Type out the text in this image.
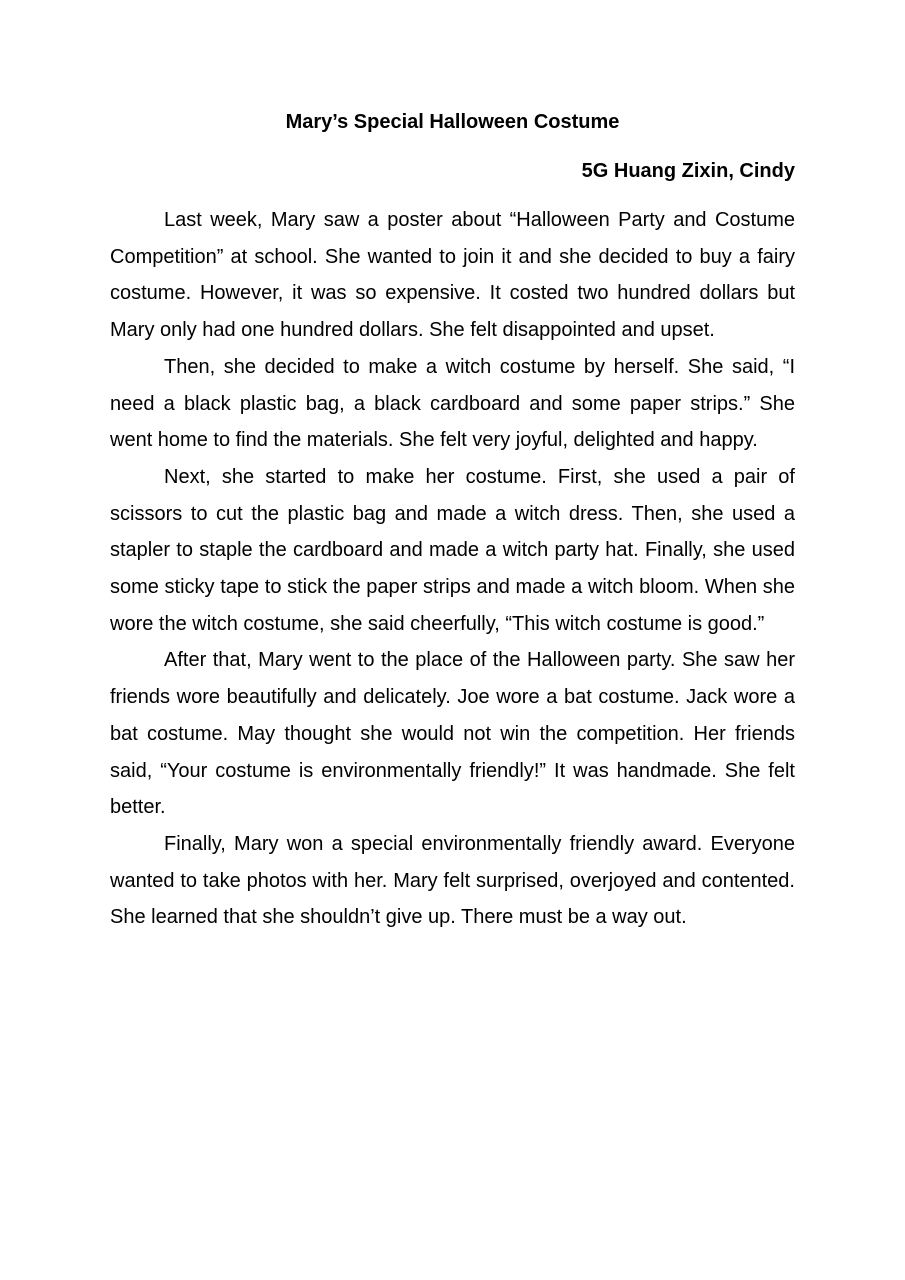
Mary’s Special Halloween Costume
5G Huang Zixin, Cindy

Last week, Mary saw a poster about “Halloween Party and Costume Competition” at school. She wanted to join it and she decided to buy a fairy costume. However, it was so expensive. It costed two hundred dollars but Mary only had one hundred dollars. She felt disappointed and upset.

Then, she decided to make a witch costume by herself. She said, “I need a black plastic bag, a black cardboard and some paper strips.” She went home to find the materials. She felt very joyful, delighted and happy.

Next, she started to make her costume. First, she used a pair of scissors to cut the plastic bag and made a witch dress. Then, she used a stapler to staple the cardboard and made a witch party hat. Finally, she used some sticky tape to stick the paper strips and made a witch bloom. When she wore the witch costume, she said cheerfully, “This witch costume is good.”

After that, Mary went to the place of the Halloween party. She saw her friends wore beautifully and delicately. Joe wore a bat costume. Jack wore a bat costume. May thought she would not win the competition. Her friends said, “Your costume is environmentally friendly!” It was handmade. She felt better.

Finally, Mary won a special environmentally friendly award. Everyone wanted to take photos with her. Mary felt surprised, overjoyed and contented. She learned that she shouldn’t give up. There must be a way out.
